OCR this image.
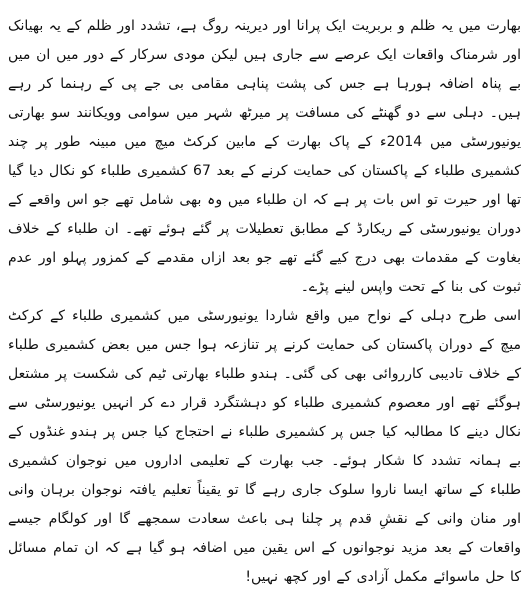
بھارت میں یہ ظلم و بربریت ایک پرانا اور دیرینہ روگ ہے، تشدد اور ظلم کے یہ بھیانک اور شرمناک واقعات ایک عرصے سے جاری ہیں لیکن مودی سرکار کے دور میں ان میں بے پناہ اضافہ ہورہا ہے جس کی پشت پناہی مقامی بی جے پی کے رہنما کر رہے ہیں۔ دہلی سے دو گھنٹے کی مسافت پر میرٹھ شہر میں سوامی وویکانند سو بھارتی یونیورسٹی میں 2014ء کے پاک بھارت کے مابین کرکٹ میچ میں مبینہ طور پر چند کشمیری طلباء کے پاکستان کی حمایت کرنے کے بعد 67 کشمیری طلباء کو نکال دیا گیا تھا اور حیرت تو اس بات پر ہے کہ ان طلباء میں وہ بھی شامل تھے جو اس واقعے کے دوران یونیورسٹی کے ریکارڈ کے مطابق تعطیلات پر گئے ہوئے تھے۔ ان طلباء کے خلاف بغاوت کے مقدمات بھی درج کیے گئے تھے جو بعد ازاں مقدمے کے کمزور پہلو اور عدم ثبوت کی بنا کے تحت واپس لینے پڑے۔

اسی طرح دہلی کے نواح میں واقع شاردا یونیورسٹی میں کشمیری طلباء کے کرکٹ میچ کے دوران پاکستان کی حمایت کرنے پر تنازعہ ہوا جس میں بعض کشمیری طلباء کے خلاف تادیبی کارروائی بھی کی گئی۔ ہندو طلباء بھارتی ٹیم کی شکست پر مشتعل ہوگئے تھے اور معصوم کشمیری طلباء کو دہشتگرد قرار دے کر انہیں یونیورسٹی سے نکال دینے کا مطالبہ کیا جس پر کشمیری طلباء نے احتجاج کیا جس پر ہندو غنڈوں کے بے ہمانہ تشدد کا شکار ہوئے۔ جب بھارت کے تعلیمی اداروں میں نوجوان کشمیری طلباء کے ساتھ ایسا ناروا سلوک جاری رہے گا تو یقیناً تعلیم یافتہ نوجوان برہان وانی اور منان وانی کے نقشِ قدم پر چلنا ہی باعث سعادت سمجھے گا اور کولگام جیسے واقعات کے بعد مزید نوجوانوں کے اس یقین میں اضافہ ہو گیا ہے کہ ان تمام مسائل کا حل ماسوائے مکمل آزادی کے اور کچھ نہیں!
